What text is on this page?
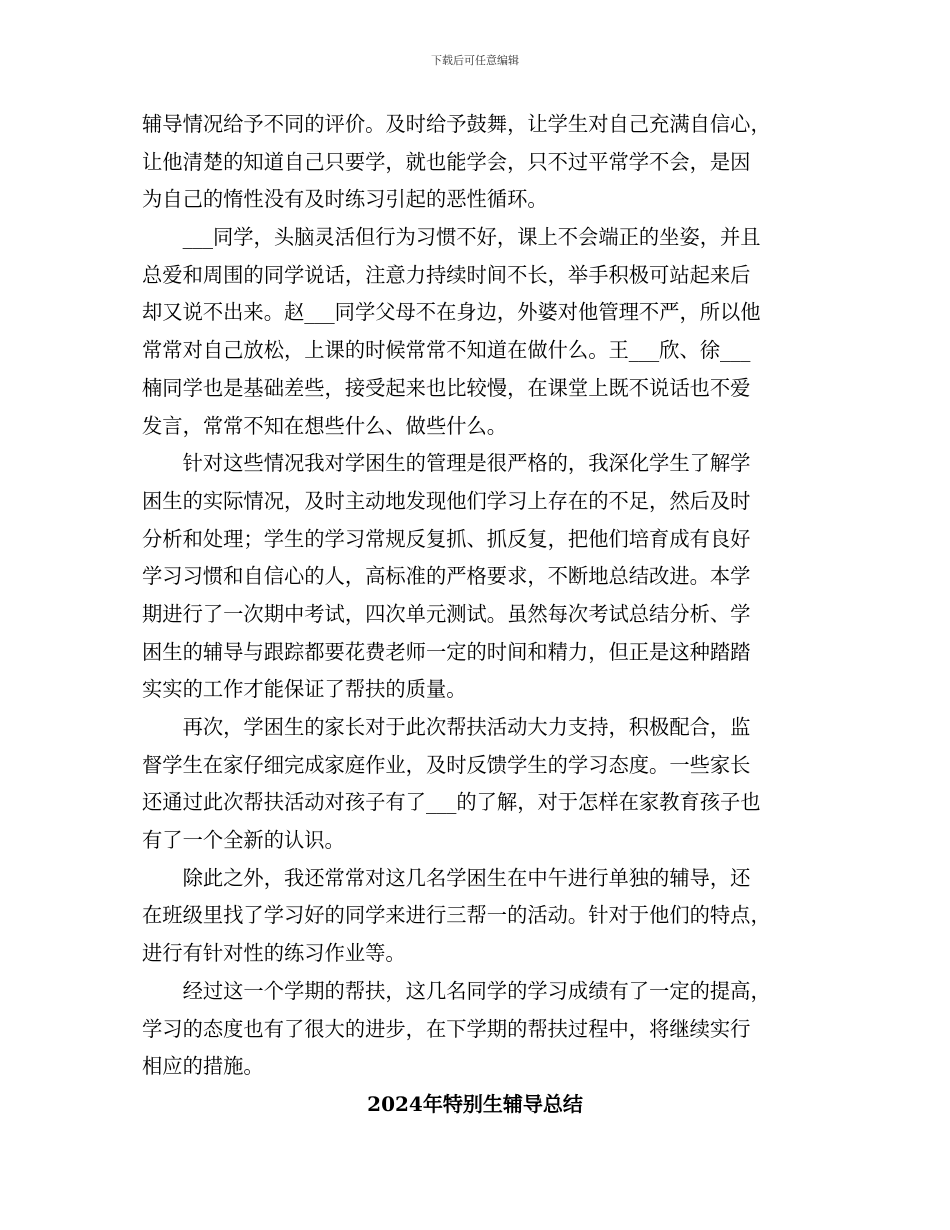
下载后可任意编辑
辅导情况给予不同的评价。及时给予鼓舞，让学生对自己充满自信心，
让他清楚的知道自己只要学，就也能学会，只不过平常学不会，是因
为自己的惰性没有及时练习引起的恶性循环。
　　___同学，头脑灵活但行为习惯不好，课上不会端正的坐姿，并且
总爱和周围的同学说话，注意力持续时间不长，举手积极可站起来后
却又说不出来。赵___同学父母不在身边，外婆对他管理不严，所以他
常常对自己放松，上课的时候常常不知道在做什么。王___欣、徐___
楠同学也是基础差些，接受起来也比较慢，在课堂上既不说话也不爱
发言，常常不知在想些什么、做些什么。
　　针对这些情况我对学困生的管理是很严格的，我深化学生了解学
困生的实际情况，及时主动地发现他们学习上存在的不足，然后及时
分析和处理；学生的学习常规反复抓、抓反复，把他们培育成有良好
学习习惯和自信心的人，高标准的严格要求，不断地总结改进。本学
期进行了一次期中考试，四次单元测试。虽然每次考试总结分析、学
困生的辅导与跟踪都要花费老师一定的时间和精力，但正是这种踏踏
实实的工作才能保证了帮扶的质量。
　　再次，学困生的家长对于此次帮扶活动大力支持，积极配合，监
督学生在家仔细完成家庭作业，及时反馈学生的学习态度。一些家长
还通过此次帮扶活动对孩子有了___的了解，对于怎样在家教育孩子也
有了一个全新的认识。
　　除此之外，我还常常对这几名学困生在中午进行单独的辅导，还
在班级里找了学习好的同学来进行三帮一的活动。针对于他们的特点，
进行有针对性的练习作业等。
　　经过这一个学期的帮扶，这几名同学的学习成绩有了一定的提高，
学习的态度也有了很大的进步，在下学期的帮扶过程中，将继续实行
相应的措施。
2024年特别生辅导总结
